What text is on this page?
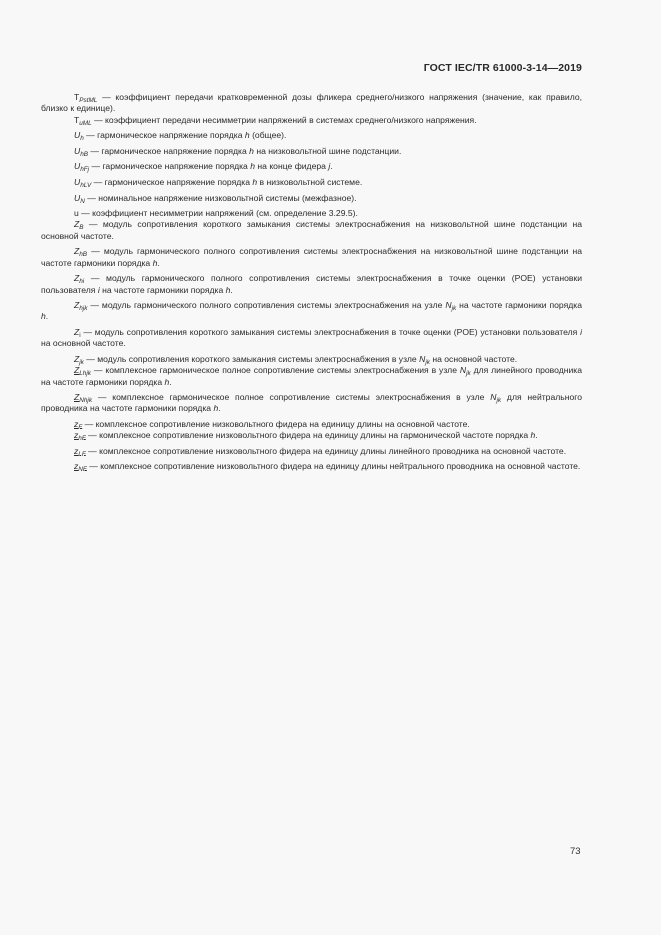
ГОСТ IEC/TR 61000-3-14—2019

$T_{PstML}$ — коэффициент передачи кратковременной дозы фликера среднего/низкого напряжения (значение, как правило, близко к единице).

$T_{uML}$ — коэффициент передачи несимметрии напряжений в системах среднего/низкого напряжения.

$U_h$ — гармоническое напряжение порядка h (общее).

$U_{hB}$ — гармоническое напряжение порядка h на низковольтной шине подстанции.

$U_{hFj}$ — гармоническое напряжение порядка h на конце фидера j.

$U_{hLV}$ — гармоническое напряжение порядка h в низковольтной системе.

$U_N$ — номинальное напряжение низковольтной системы (межфазное).

u — коэффициент несимметрии напряжений (см. определение 3.29.5).

$Z_B$ — модуль сопротивления короткого замыкания системы электроснабжения на низковольтной шине подстанции на основной частоте.

$Z_{hB}$ — модуль гармонического полного сопротивления системы электроснабжения на низковольтной шине подстанции на частоте гармоники порядка h.

$Z_{hi}$ — модуль гармонического полного сопротивления системы электроснабжения в точке оценки (POE) установки пользователя i на частоте гармоники порядка h.

$Z_{hjk}$ — модуль гармонического полного сопротивления системы электроснабжения на узле $N_{jk}$ на частоте гармоники порядка h.

$Z_i$ — модуль сопротивления короткого замыкания системы электроснабжения в точке оценки (POE) установки пользователя i на основной частоте.

$Z_{jk}$ — модуль сопротивления короткого замыкания системы электроснабжения в узле $N_{jk}$ на основной частоте.

$Z_{Lhjk}$ — комплексное гармоническое полное сопротивление системы электроснабжения в узле $N_{jk}$ для линейного проводника на частоте гармоники порядка h.

$Z_{Nhjk}$ — комплексное гармоническое полное сопротивление системы электроснабжения в узле $N_{jk}$ для нейтрального проводника на частоте гармоники порядка h.

$z_F$ — комплексное сопротивление низковольтного фидера на единицу длины на основной частоте.

$z_{hF}$ — комплексное сопротивление низковольтного фидера на единицу длины на гармонической частоте порядка h.

$z_{LF}$ — комплексное сопротивление низковольтного фидера на единицу длины линейного проводника на основной частоте.

$z_{NF}$ — комплексное сопротивление низковольтного фидера на единицу длины нейтрального проводника на основной частоте.

73
